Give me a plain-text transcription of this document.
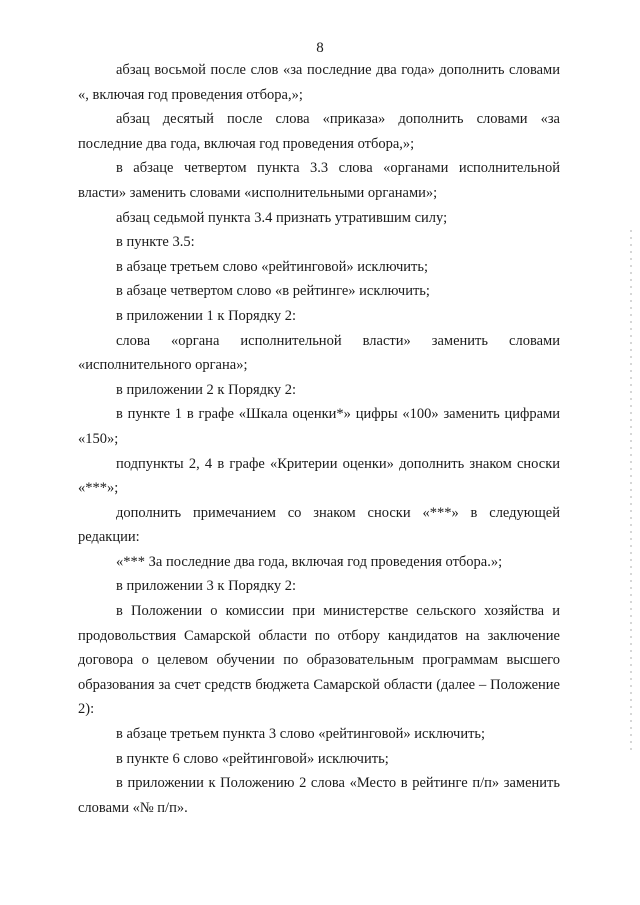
8

абзац восьмой после слов «за последние два года» дополнить словами «, включая год проведения отбора,»;

абзац десятый после слова «приказа» дополнить словами «за последние два года, включая год проведения отбора,»;

в абзаце четвертом пункта 3.3 слова «органами исполнительной власти» заменить словами «исполнительными органами»;

абзац седьмой пункта 3.4 признать утратившим силу;

в пункте 3.5:

в абзаце третьем слово «рейтинговой» исключить;

в абзаце четвертом слово «в рейтинге» исключить;

в приложении 1 к Порядку 2:

слова «органа исполнительной власти» заменить словами «исполнительного органа»;

в приложении 2 к Порядку 2:

в пункте 1 в графе «Шкала оценки*» цифры «100» заменить цифрами «150»;

подпункты 2, 4 в графе «Критерии оценки» дополнить знаком сноски «***»;

дополнить примечанием со знаком сноски «***» в следующей редакции:

«*** За последние два года, включая год проведения отбора.»;

в приложении 3 к Порядку 2:

в Положении о комиссии при министерстве сельского хозяйства и продовольствия Самарской области по отбору кандидатов на заключение договора о целевом обучении по образовательным программам высшего образования за счет средств бюджета Самарской области (далее – Положение 2):

в абзаце третьем пункта 3 слово «рейтинговой» исключить;

в пункте 6 слово «рейтинговой» исключить;

в приложении к Положению 2 слова «Место в рейтинге п/п» заменить словами «№ п/п».
